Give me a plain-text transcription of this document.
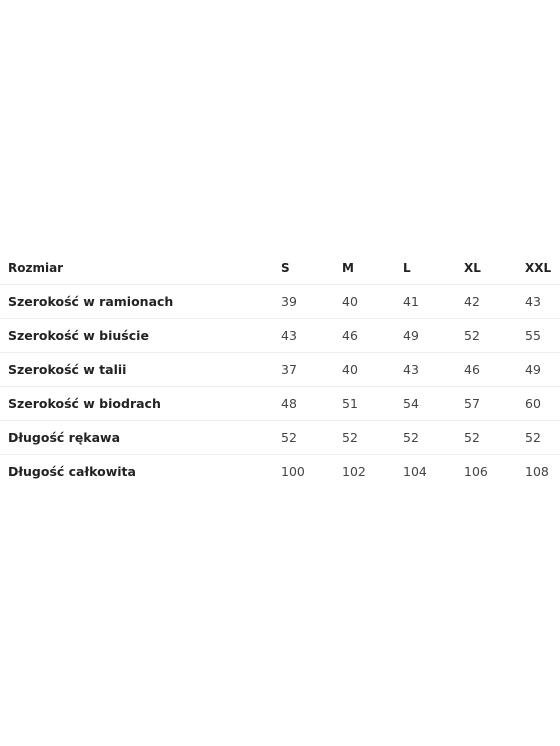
Rozmiar	S	M	L	XL	XXL
Szerokość w ramionach	39	40	41	42	43
Szerokość w biuście	43	46	49	52	55
Szerokość w talii	37	40	43	46	49
Szerokość w biodrach	48	51	54	57	60
Długość rękawa	52	52	52	52	52
Długość całkowita	100	102	104	106	108
